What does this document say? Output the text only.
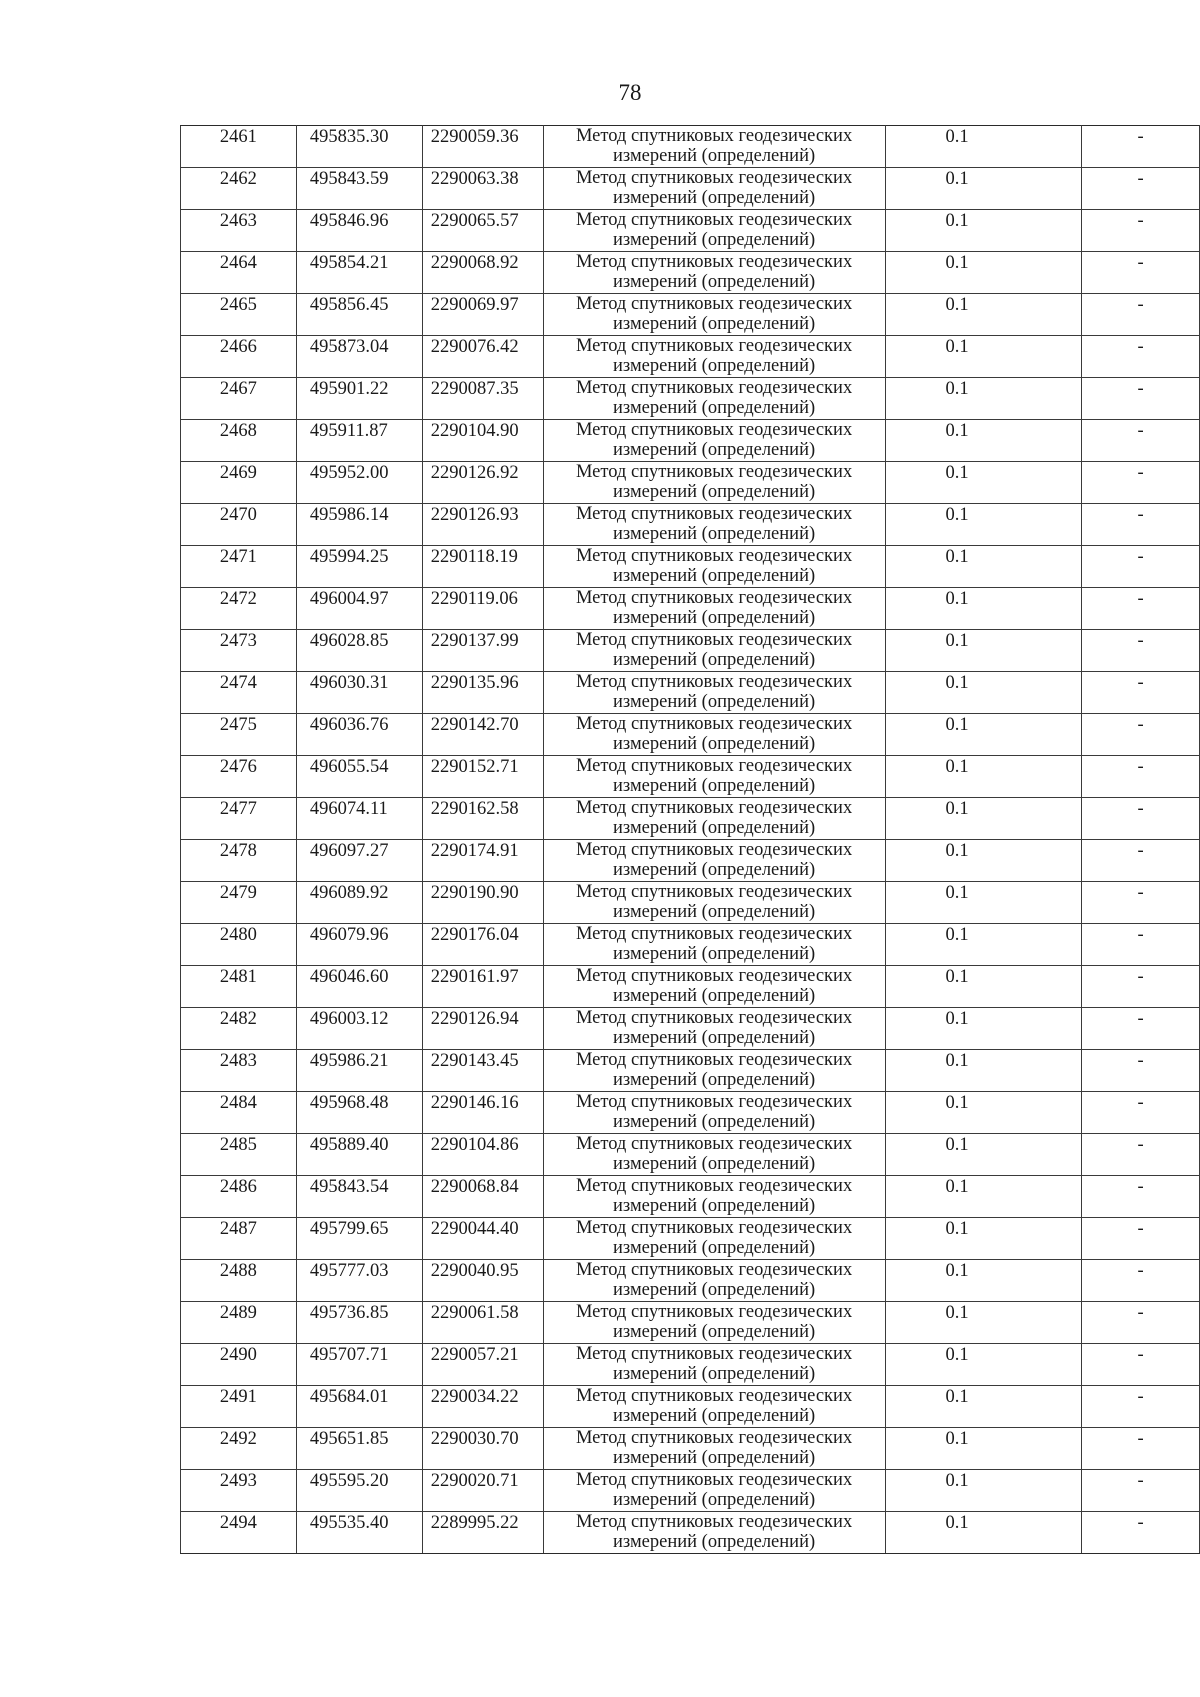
78
2461	495835.30	2290059.36	Метод спутниковых геодезических
измерений (определений)	0.1	-

2462	495843.59	2290063.38	Метод спутниковых геодезических
измерений (определений)	0.1	-

2463	495846.96	2290065.57	Метод спутниковых геодезических
измерений (определений)	0.1	-

2464	495854.21	2290068.92	Метод спутниковых геодезических
измерений (определений)	0.1	-

2465	495856.45	2290069.97	Метод спутниковых геодезических
измерений (определений)	0.1	-

2466	495873.04	2290076.42	Метод спутниковых геодезических
измерений (определений)	0.1	-

2467	495901.22	2290087.35	Метод спутниковых геодезических
измерений (определений)	0.1	-

2468	495911.87	2290104.90	Метод спутниковых геодезических
измерений (определений)	0.1	-

2469	495952.00	2290126.92	Метод спутниковых геодезических
измерений (определений)	0.1	-

2470	495986.14	2290126.93	Метод спутниковых геодезических
измерений (определений)	0.1	-

2471	495994.25	2290118.19	Метод спутниковых геодезических
измерений (определений)	0.1	-

2472	496004.97	2290119.06	Метод спутниковых геодезических
измерений (определений)	0.1	-

2473	496028.85	2290137.99	Метод спутниковых геодезических
измерений (определений)	0.1	-

2474	496030.31	2290135.96	Метод спутниковых геодезических
измерений (определений)	0.1	-

2475	496036.76	2290142.70	Метод спутниковых геодезических
измерений (определений)	0.1	-

2476	496055.54	2290152.71	Метод спутниковых геодезических
измерений (определений)	0.1	-

2477	496074.11	2290162.58	Метод спутниковых геодезических
измерений (определений)	0.1	-

2478	496097.27	2290174.91	Метод спутниковых геодезических
измерений (определений)	0.1	-

2479	496089.92	2290190.90	Метод спутниковых геодезических
измерений (определений)	0.1	-

2480	496079.96	2290176.04	Метод спутниковых геодезических
измерений (определений)	0.1	-

2481	496046.60	2290161.97	Метод спутниковых геодезических
измерений (определений)	0.1	-

2482	496003.12	2290126.94	Метод спутниковых геодезических
измерений (определений)	0.1	-

2483	495986.21	2290143.45	Метод спутниковых геодезических
измерений (определений)	0.1	-

2484	495968.48	2290146.16	Метод спутниковых геодезических
измерений (определений)	0.1	-

2485	495889.40	2290104.86	Метод спутниковых геодезических
измерений (определений)	0.1	-

2486	495843.54	2290068.84	Метод спутниковых геодезических
измерений (определений)	0.1	-

2487	495799.65	2290044.40	Метод спутниковых геодезических
измерений (определений)	0.1	-

2488	495777.03	2290040.95	Метод спутниковых геодезических
измерений (определений)	0.1	-

2489	495736.85	2290061.58	Метод спутниковых геодезических
измерений (определений)	0.1	-

2490	495707.71	2290057.21	Метод спутниковых геодезических
измерений (определений)	0.1	-

2491	495684.01	2290034.22	Метод спутниковых геодезических
измерений (определений)	0.1	-

2492	495651.85	2290030.70	Метод спутниковых геодезических
измерений (определений)	0.1	-

2493	495595.20	2290020.71	Метод спутниковых геодезических
измерений (определений)	0.1	-

2494	495535.40	2289995.22	Метод спутниковых геодезических
измерений (определений)	0.1	-
